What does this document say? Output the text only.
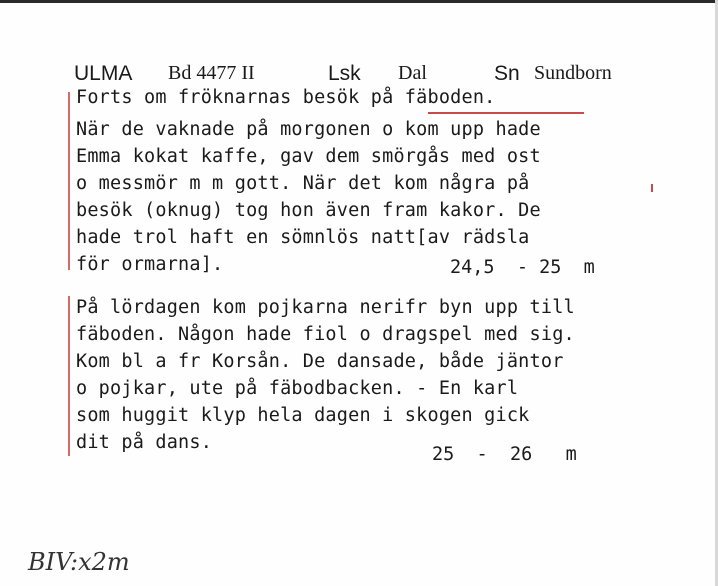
ULMA Bd 4477 II	Lsk Dal	Sn Sundborn
Forts om fröknarnas besök på fäboden.
När de vaknade på morgonen o kom upp hade
Emma kokat kaffe, gav dem smörgås med ost
o messmör m m gott. När det kom några på
besök (oknug) tog hon även fram kakor. De
hade trol haft en sömnlös natt[av rädsla
för ormarna].	24,5  - 25  m
På lördagen kom pojkarna nerifr byn upp till
fäboden. Någon hade fiol o dragspel med sig.
Kom bl a fr Korsån. De dansade, både jäntor
o pojkar, ute på fäbodbacken. - En karl
som huggit klyp hela dagen i skogen gick
dit på dans.
25  -  26   m
BIV:x2m
